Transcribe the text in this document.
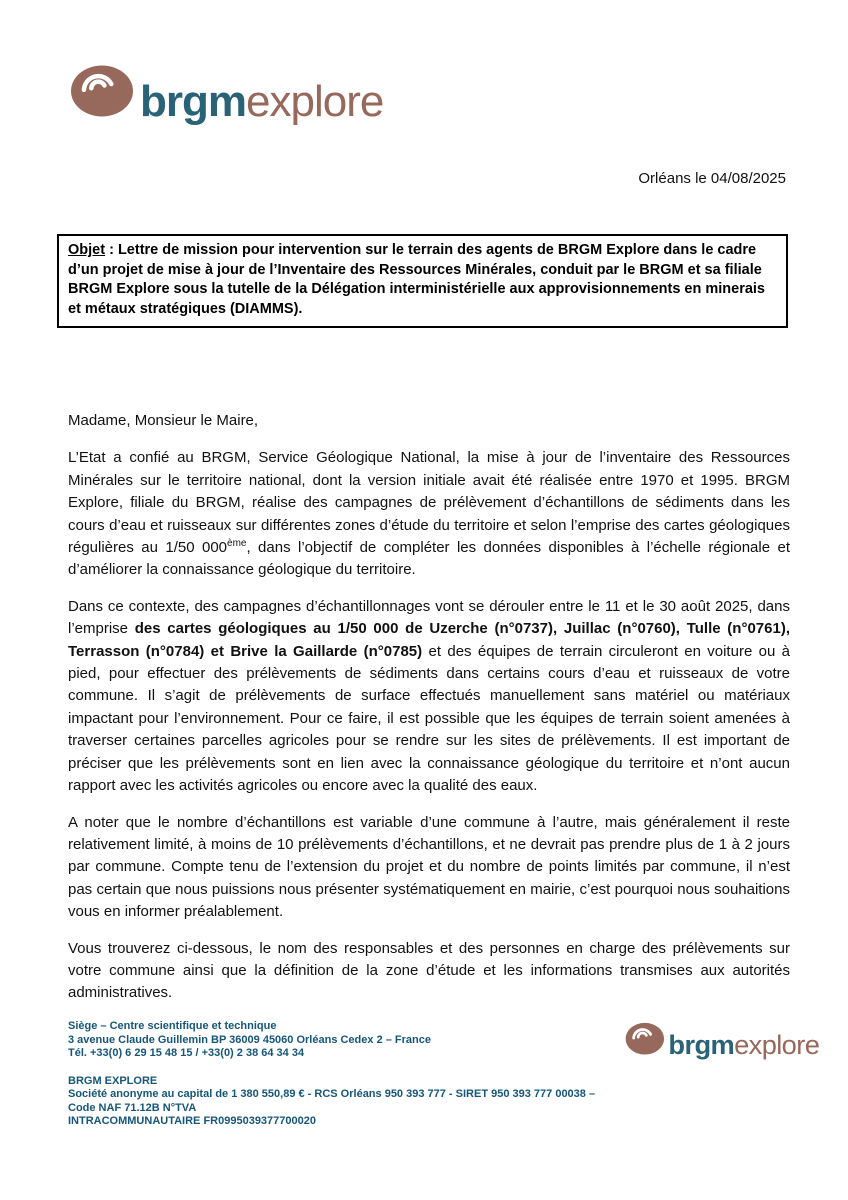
brgmexplore
Orléans le 04/08/2025
Objet : Lettre de mission pour intervention sur le terrain des agents de BRGM Explore dans le cadre d’un projet de mise à jour de l’Inventaire des Ressources Minérales, conduit par le BRGM et sa filiale BRGM Explore sous la tutelle de la Délégation interministérielle aux approvisionnements en minerais et métaux stratégiques (DIAMMS).
Madame, Monsieur le Maire,

L’Etat a confié au BRGM, Service Géologique National, la mise à jour de l’inventaire des Ressources Minérales sur le territoire national, dont la version initiale avait été réalisée entre 1970 et 1995. BRGM Explore, filiale du BRGM, réalise des campagnes de prélèvement d’échantillons de sédiments dans les cours d’eau et ruisseaux sur différentes zones d’étude du territoire et selon l’emprise des cartes géologiques régulières au 1/50 000ème, dans l’objectif de compléter les données disponibles à l’échelle régionale et d’améliorer la connaissance géologique du territoire.

Dans ce contexte, des campagnes d’échantillonnages vont se dérouler entre le 11 et le 30 août 2025, dans l’emprise des cartes géologiques au 1/50 000 de Uzerche (n°0737), Juillac (n°0760), Tulle (n°0761), Terrasson (n°0784) et Brive la Gaillarde (n°0785) et des équipes de terrain circuleront en voiture ou à pied, pour effectuer des prélèvements de sédiments dans certains cours d’eau et ruisseaux de votre commune. Il s’agit de prélèvements de surface effectués manuellement sans matériel ou matériaux impactant pour l’environnement. Pour ce faire, il est possible que les équipes de terrain soient amenées à traverser certaines parcelles agricoles pour se rendre sur les sites de prélèvements. Il est important de préciser que les prélèvements sont en lien avec la connaissance géologique du territoire et n’ont aucun rapport avec les activités agricoles ou encore avec la qualité des eaux.

A noter que le nombre d’échantillons est variable d’une commune à l’autre, mais généralement il reste relativement limité, à moins de 10 prélèvements d’échantillons, et ne devrait pas prendre plus de 1 à 2 jours par commune. Compte tenu de l’extension du projet et du nombre de points limités par commune, il n’est pas certain que nous puissions nous présenter systématiquement en mairie, c’est pourquoi nous souhaitions vous en informer préalablement.

Vous trouverez ci-dessous, le nom des responsables et des personnes en charge des prélèvements sur votre commune ainsi que la définition de la zone d’étude et les informations transmises aux autorités administratives.

Siège – Centre scientifique et technique
3 avenue Claude Guillemin BP 36009 45060 Orléans Cedex 2 – France
Tél. +33(0) 6 29 15 48 15 / +33(0) 2 38 64 34 34
BRGM EXPLORE
Société anonyme au capital de 1 380 550,89 € - RCS Orléans 950 393 777 - SIRET 950 393 777 00038 – Code NAF 71.12B N°TVA
INTRACOMMUNAUTAIRE FR0995039377700020
brgmexplore
